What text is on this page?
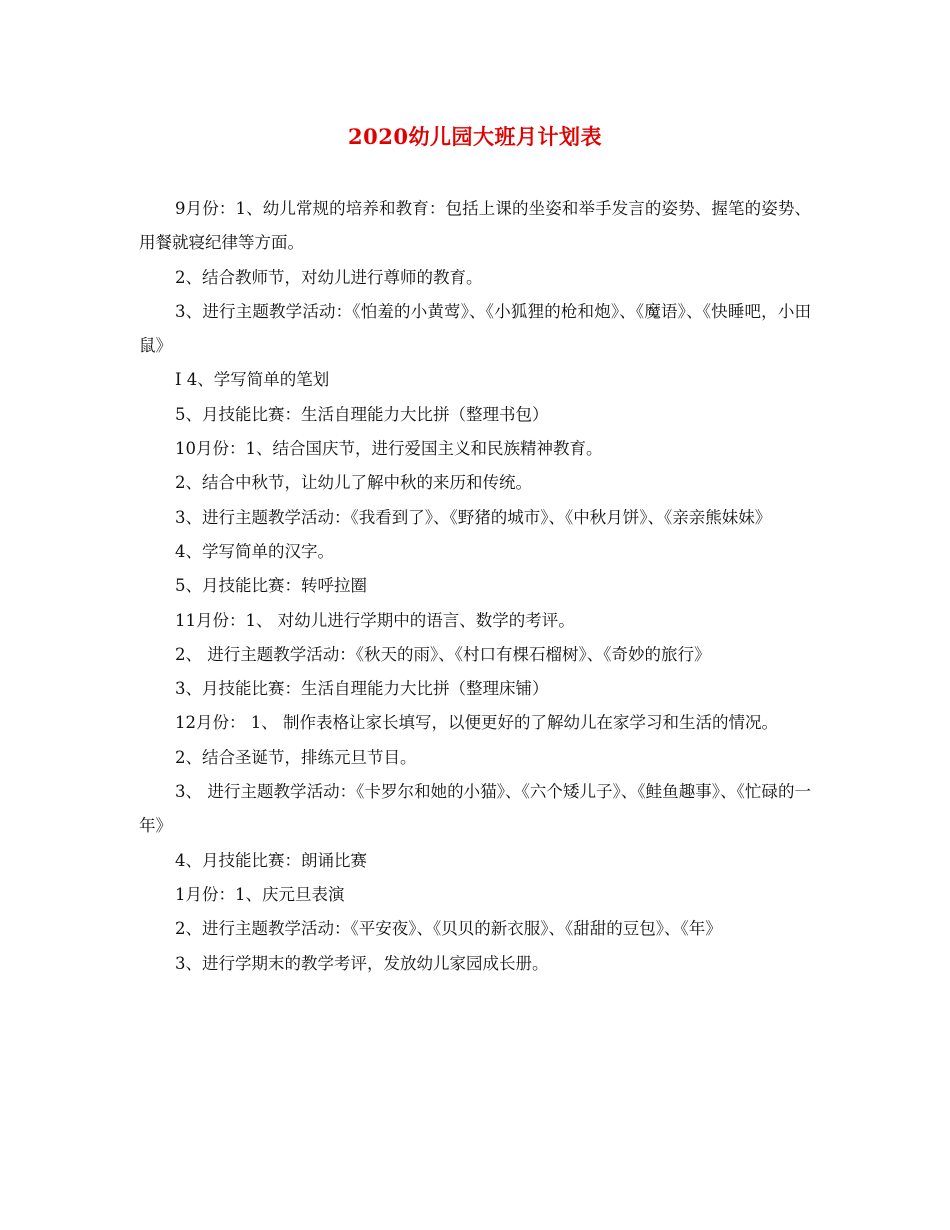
2020幼儿园大班月计划表

9月份：1、幼儿常规的培养和教育：包括上课的坐姿和举手发言的姿势、握笔的姿势、用餐就寝纪律等方面。

2、结合教师节，对幼儿进行尊师的教育。

3、进行主题教学活动：《怕羞的小黄莺》、《小狐狸的枪和炮》、《魔语》、《快睡吧，小田鼠》

I 4、学写简单的笔划

5、月技能比赛：生活自理能力大比拼（整理书包）

10月份：1、结合国庆节，进行爱国主义和民族精神教育。

2、结合中秋节，让幼儿了解中秋的来历和传统。

3、进行主题教学活动：《我看到了》、《野猪的城市》、《中秋月饼》、《亲亲熊妹妹》

4、学写简单的汉字。

5、月技能比赛：转呼拉圈

11月份：1、 对幼儿进行学期中的语言、数学的考评。

2、 进行主题教学活动：《秋天的雨》、《村口有棵石榴树》、《奇妙的旅行》

3、月技能比赛：生活自理能力大比拼（整理床铺）

12月份： 1、 制作表格让家长填写，以便更好的了解幼儿在家学习和生活的情况。

2、结合圣诞节，排练元旦节目。

3、 进行主题教学活动：《卡罗尔和她的小猫》、《六个矮儿子》、《鲑鱼趣事》、《忙碌的一年》

4、月技能比赛：朗诵比赛

1月份：1、庆元旦表演

2、进行主题教学活动：《平安夜》、《贝贝的新衣服》、《甜甜的豆包》、《年》

3、进行学期末的教学考评，发放幼儿家园成长册。
